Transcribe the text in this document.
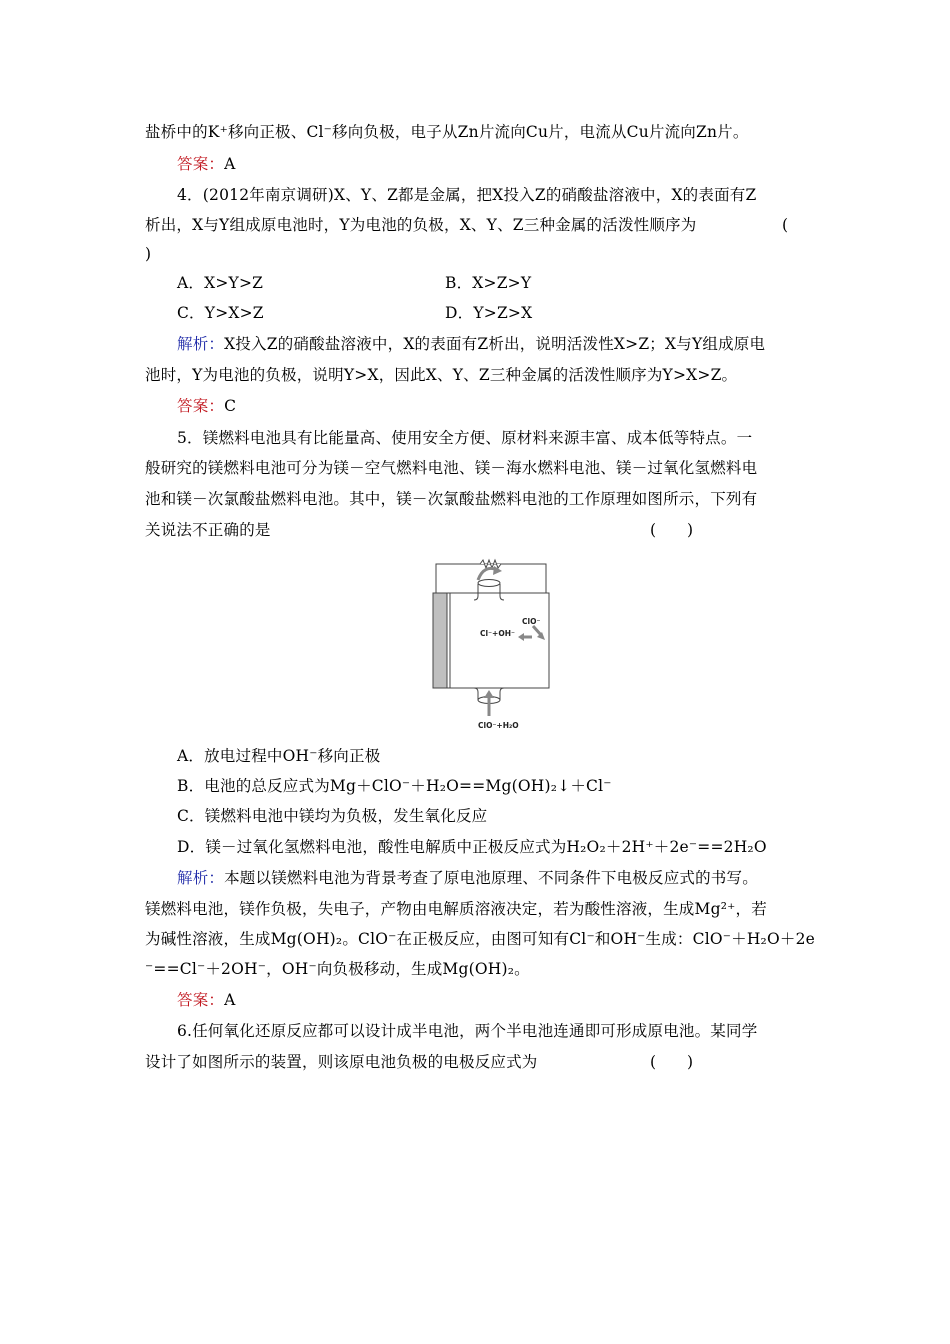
盐桥中的K⁺移向正极、Cl⁻移向负极，电子从Zn片流向Cu片，电流从Cu片流向Zn片。
答案：A
4．(2012年南京调研)X、Y、Z都是金属，把X投入Z的硝酸盐溶液中，X的表面有Z
析出，X与Y组成原电池时，Y为电池的负极，X、Y、Z三种金属的活泼性顺序为	(
)
A．X>Y>Z	B．X>Z>Y
C．Y>X>Z	D．Y>Z>X
解析：X投入Z的硝酸盐溶液中，X的表面有Z析出，说明活泼性X>Z；X与Y组成原电
池时，Y为电池的负极，说明Y>X，因此X、Y、Z三种金属的活泼性顺序为Y>X>Z。
答案：C
5．镁燃料电池具有比能量高、使用安全方便、原材料来源丰富、成本低等特点。一
般研究的镁燃料电池可分为镁－空气燃料电池、镁－海水燃料电池、镁－过氧化氢燃料电
池和镁－次氯酸盐燃料电池。其中，镁－次氯酸盐燃料电池的工作原理如图所示，下列有
关说法不正确的是	(　　)
ClO⁻
Cl⁻+OH⁻
ClO⁻+H₂O
A．放电过程中OH⁻移向正极
B．电池的总反应式为Mg＋ClO⁻＋H₂O==Mg(OH)₂↓＋Cl⁻
C．镁燃料电池中镁均为负极，发生氧化反应
D．镁－过氧化氢燃料电池，酸性电解质中正极反应式为H₂O₂＋2H⁺＋2e⁻==2H₂O
解析：本题以镁燃料电池为背景考查了原电池原理、不同条件下电极反应式的书写。
镁燃料电池，镁作负极，失电子，产物由电解质溶液决定，若为酸性溶液，生成Mg²⁺，若
为碱性溶液，生成Mg(OH)₂。ClO⁻在正极反应，由图可知有Cl⁻和OH⁻生成：ClO⁻＋H₂O＋2e
⁻==Cl⁻＋2OH⁻，OH⁻向负极移动，生成Mg(OH)₂。
答案：A
6.任何氧化还原反应都可以设计成半电池，两个半电池连通即可形成原电池。某同学
设计了如图所示的装置，则该原电池负极的电极反应式为	(　　)
